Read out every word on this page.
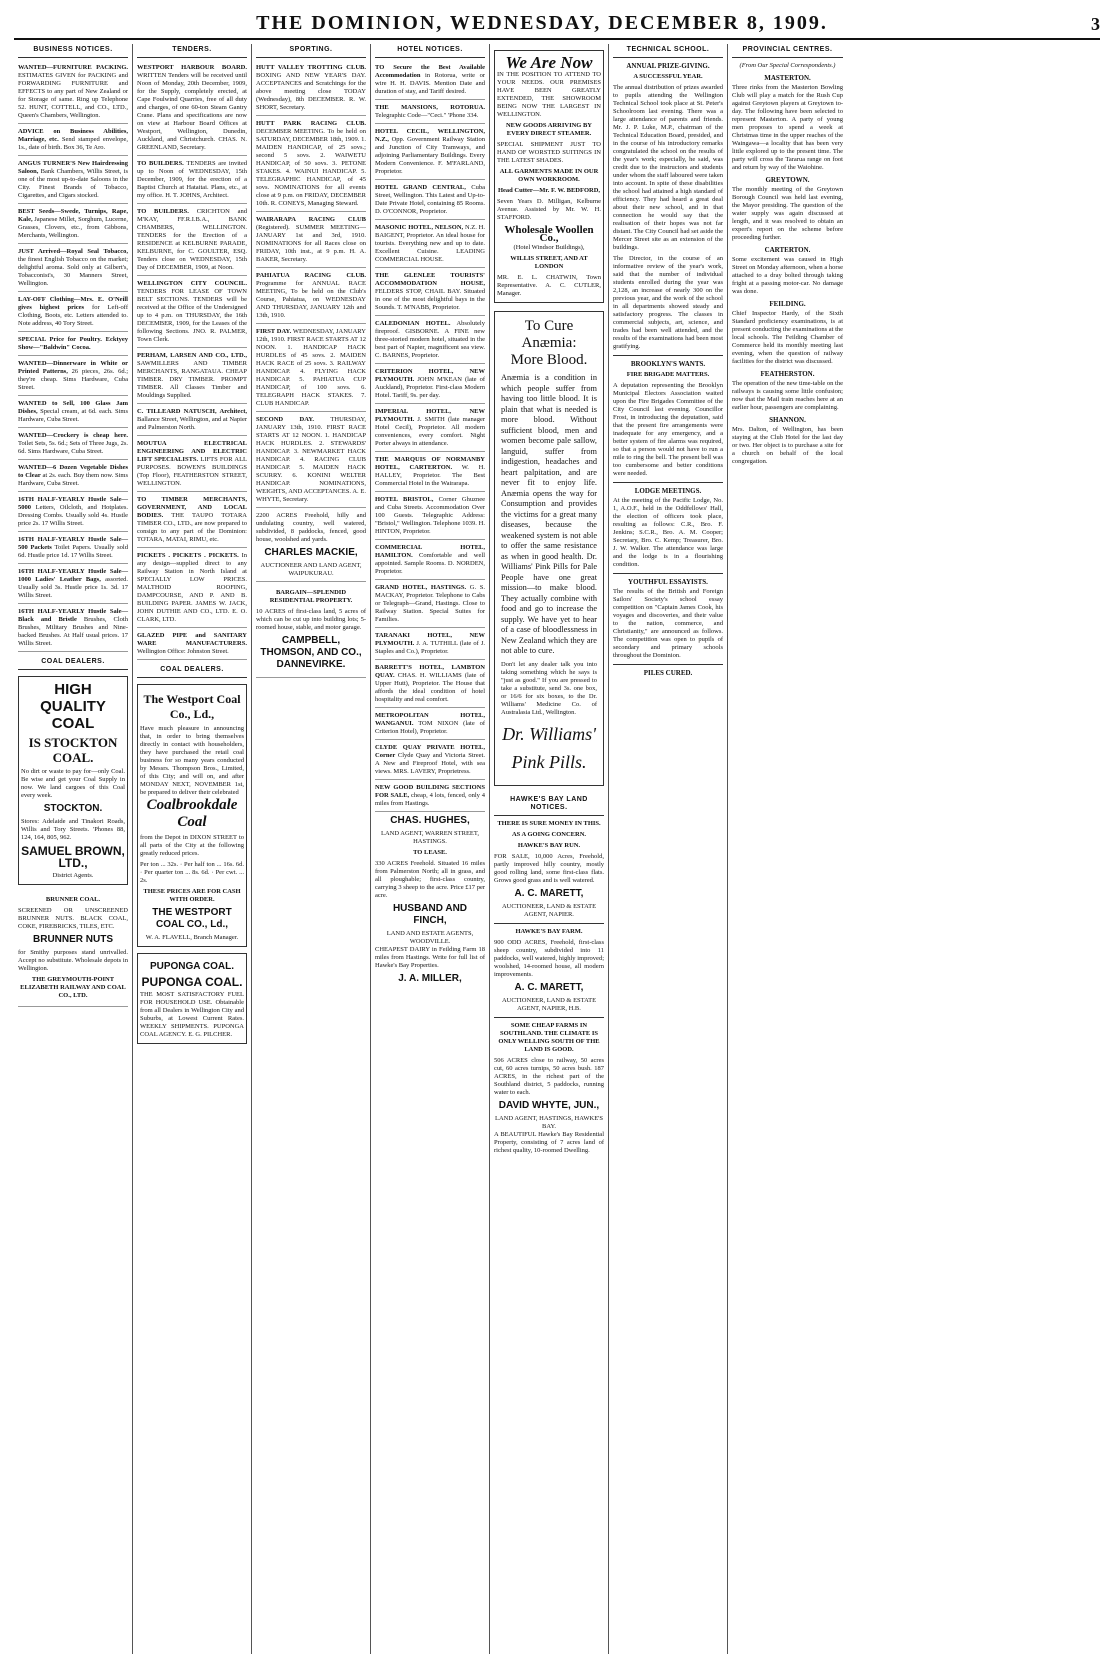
THE DOMINION, WEDNESDAY, DECEMBER 8, 1909.	3
BUSINESS NOTICES.
WANTED—FURNITURE PACKING. ESTIMATES GIVEN for PACKING and FORWARDING FURNITURE and EFFECTS to any part of New Zealand or for Storage of same. Ring up Telephone 52. HUNT, COTTELL, and CO., LTD., Queen's Chambers, Wellington.
ADVICE on Business Abilities, Marriage, etc. Send stamped envelope, 1s., date of birth. Box 36, Te Aro.
ANGUS TURNER'S New Hairdressing Saloon, Bank Chambers, Willis Street, is one of the most up-to-date Saloons in the City. Finest Brands of Tobacco, Cigarettes, and Cigars stocked.
BEST Seeds—Swede, Turnips, Rape, Kale, Japanese Millet, Sorghum, Lucerne, Grasses, Clovers, etc., from Gibbons, Merchants, Wellington.
JUST Arrived—Royal Seal Tobacco, the finest English Tobacco on the market; delightful aroma. Sold only at Gilbert's, Tobacconist's, 30 Manners Street, Wellington.
LAY-OFF Clothing—Mrs. E. O'Neill gives highest prices for Left-off Clothing, Boots, etc. Letters attended to. Note address, 40 Tory Street.
SPECIAL Price for Poultry. Ecktyey Show—"Baldwin" Cocoa.
WANTED—Dinnerware in White or Printed Patterns, 26 pieces, 26s. 6d.; they're cheap. Sims Hardware, Cuba Street.
WANTED to Sell, 100 Glass Jam Dishes, Special cream, at 6d. each. Sims Hardware, Cuba Street.
WANTED—Crockery is cheap here. Toilet Sets, 5s. 6d.; Sets of Three Jugs, 2s. 6d. Sims Hardware, Cuba Street.
WANTED—6 Dozen Vegetable Dishes to Clear at 2s. each. Buy them now. Sims Hardware, Cuba Street.
16TH HALF-YEARLY Hustle Sale—5000 Letters, Oilcloth, and Hotplates. Dressing Combs. Usually sold 4s. Hustle price 2s. 17 Willis Street.
16TH HALF-YEARLY Hustle Sale—500 Packets Toilet Papers. Usually sold 6d. Hustle price 1d. 17 Willis Street.
16TH HALF-YEARLY Hustle Sale—1000 Ladies' Leather Bags, assorted. Usually sold 3s. Hustle price 1s. 3d. 17 Willis Street.
16TH HALF-YEARLY Hustle Sale—Black and Bristle Brushes, Cloth Brushes, Military Brushes and Nine-backed Brushes. At Half usual prices. 17 Willis Street.
COAL DEALERS.
HIGH QUALITY COAL
IS STOCKTON COAL.
No dirt or waste to pay for—only Coal. Be wise and get your Coal Supply in now. We land cargoes of this Coal every week.
STOCKTON.
Stores: Adelaide and Tinakori Roads, Willis and Tory Streets. 'Phones 88, 124, 164, 805, 962.
SAMUEL BROWN, LTD.,
District Agents.
BRUNNER COAL.
SCREENED OR UNSCREENED BRUNNER NUTS. BLACK COAL, COKE, FIREBRICKS, TILES, ETC.
BRUNNER NUTS
for Smithy purposes stand unrivalled. Accept no substitute. Wholesale depots in Wellington.
THE GREYMOUTH-POINT ELIZABETH RAILWAY AND COAL CO., LTD.
TENDERS.
WESTPORT HARBOUR BOARD. WRITTEN Tenders will be received until Noon of Monday, 20th December, 1909, for the Supply, completely erected, at Cape Foulwind Quarries, free of all duty and charges, of one 60-ton Steam Gantry Crane. Plans and specifications are now on view at Harbour Board Offices at Westport, Wellington, Dunedin, Auckland, and Christchurch. CHAS. N. GREENLAND, Secretary.
TO BUILDERS. TENDERS are invited up to Noon of WEDNESDAY, 15th December, 1909, for the erection of a Baptist Church at Hataitai. Plans, etc., at my office. H. T. JOHNS, Architect.
TO BUILDERS. CRICHTON and M'KAY, FF.R.I.B.A., BANK CHAMBERS, WELLINGTON. TENDERS for the Erection of a RESIDENCE at KELBURNE PARADE, KELBURNE, for C. GOULTER, ESQ. Tenders close on WEDNESDAY, 15th Day of DECEMBER, 1909, at Noon.
WELLINGTON CITY COUNCIL. TENDERS FOR LEASE OF TOWN BELT SECTIONS. TENDERS will be received at the Office of the Undersigned up to 4 p.m. on THURSDAY, the 16th DECEMBER, 1909, for the Leases of the following Sections. JNO. R. PALMER, Town Clerk.
PERHAM, LARSEN AND CO., LTD., SAWMILLERS AND TIMBER MERCHANTS, RANGATAUA. CHEAP TIMBER. DRY TIMBER. PROMPT TIMBER. All Classes Timber and Mouldings Supplied.
C. TILLEARD NATUSCH, Architect, Ballance Street, Wellington, and at Napier and Palmerston North.
MOUTUA ELECTRICAL ENGINEERING AND ELECTRIC LIFT SPECIALISTS. LIFTS FOR ALL PURPOSES. BOWEN'S BUILDINGS (Top Floor), FEATHERSTON STREET, WELLINGTON.
TO TIMBER MERCHANTS, GOVERNMENT, AND LOCAL BODIES. THE TAUPO TOTARA TIMBER CO., LTD., are now prepared to consign to any part of the Dominion: TOTARA, MATAI, RIMU, etc.
PICKETS . PICKETS . PICKETS. In any design—supplied direct to any Railway Station in North Island at SPECIALLY LOW PRICES. MALTHOID ROOFING, DAMPCOURSE, AND P. AND B. BUILDING PAPER. JAMES W. JACK, JOHN DUTHIE AND CO., LTD. E. O. CLARK, LTD.
GLAZED PIPE and SANITARY WARE MANUFACTURERS. Wellington Office: Johnston Street.
COAL DEALERS.
The Westport Coal Co., Ld.,
Have much pleasure in announcing that, in order to bring themselves directly in contact with householders, they have purchased the retail coal business for so many years conducted by Messrs. Thompson Bros., Limited, of this City; and will on, and after MONDAY NEXT, NOVEMBER 1st, be prepared to deliver their celebrated
Coalbrookdale Coal
from the Depot in DIXON STREET to all parts of the City at the following greatly reduced prices.
Per ton ... 32s. · Per half ton ... 16s. 6d. · Per quarter ton ... 8s. 6d. · Per cwt. ... 2s.
THESE PRICES ARE FOR CASH WITH ORDER.
THE WESTPORT COAL CO., Ld.,
W. A. FLAVELL, Branch Manager.
PUPONGA COAL.
PUPONGA COAL.
THE MOST SATISFACTORY FUEL FOR HOUSEHOLD USE. Obtainable from all Dealers in Wellington City and Suburbs, at Lowest Current Rates. WEEKLY SHIPMENTS. PUPONGA COAL AGENCY. E. G. PILCHER.
SPORTING.
HUTT VALLEY TROTTING CLUB. BOXING AND NEW YEAR'S DAY. ACCEPTANCES and Scratchings for the above meeting close TODAY (Wednesday), 8th DECEMBER. R. W. SHORT, Secretary.
HUTT PARK RACING CLUB. DECEMBER MEETING. To be held on SATURDAY, DECEMBER 18th, 1909. 1. MAIDEN HANDICAP, of 25 sovs.; second 5 sovs. 2. WAIWETU HANDICAP, of 50 sovs. 3. PETONE STAKES. 4. WAINUI HANDICAP. 5. TELEGRAPHIC HANDICAP, of 45 sovs. NOMINATIONS for all events close at 9 p.m. on FRIDAY, DECEMBER 10th. R. CONEYS, Managing Steward.
WAIRARAPA RACING CLUB (Registered). SUMMER MEETING—JANUARY 1st and 3rd, 1910. NOMINATIONS for all Races close on FRIDAY, 10th inst., at 9 p.m. H. A. BAKER, Secretary.
PAHIATUA RACING CLUB. Programme for ANNUAL RACE MEETING, To be held on the Club's Course, Pahiatua, on WEDNESDAY AND THURSDAY, JANUARY 12th and 13th, 1910.
FIRST DAY. WEDNESDAY, JANUARY 12th, 1910. FIRST RACE STARTS AT 12 NOON. 1. HANDICAP HACK HURDLES of 45 sovs. 2. MAIDEN HACK RACE of 25 sovs. 3. RAILWAY HANDICAP. 4. FLYING HACK HANDICAP. 5. PAHIATUA CUP HANDICAP, of 100 sovs. 6. TELEGRAPH HACK STAKES. 7. CLUB HANDICAP.
SECOND DAY.	THURSDAY, JANUARY 13th, 1910. FIRST RACE STARTS AT 12 NOON. 1. HANDICAP HACK HURDLES. 2. STEWARDS' HANDICAP. 3. NEWMARKET HACK HANDICAP. 4. RACING CLUB HANDICAP. 5. MAIDEN HACK SCURRY. 6. KONINI WELTER HANDICAP. NOMINATIONS, WEIGHTS, AND ACCEPTANCES. A. E. WHYTE, Secretary.
2200 ACRES Freehold, hilly and undulating country, well watered, subdivided, 8 paddocks, fenced, good house, woolshed and yards.
CHARLES MACKIE,
AUCTIONEER AND LAND AGENT, WAIPUKURAU.
BARGAIN—SPLENDID RESIDENTIAL PROPERTY.
10 ACRES of first-class land, 5 acres of which can be cut up into building lots; 5-roomed house, stable, and motor garage.
CAMPBELL, THOMSON, AND CO., DANNEVIRKE.
HOTEL NOTICES.
TO Secure the Best Available Accommodation in Rotorua, write or wire H. H. DAVIS. Mention Date and duration of stay, and Tariff desired.
THE MANSIONS, ROTORUA. Telegraphic Code—"Ceci." 'Phone 334.
HOTEL CECIL, WELLINGTON, N.Z., Opp. Government Railway Station and Junction of City Tramways, and adjoining Parliamentary Buildings. Every Modern Convenience. F. M'FARLAND, Proprietor.
HOTEL GRAND CENTRAL, Cuba Street, Wellington. This Latest and Up-to-Date Private Hotel, containing 85 Rooms. D. O'CONNOR, Proprietor.
MASONIC HOTEL, NELSON, N.Z. H. BAIGENT, Proprietor. An ideal house for tourists. Everything new and up to date. Excellent Cuisine. LEADING COMMERCIAL HOUSE.
THE GLENLEE TOURISTS' ACCOMMODATION HOUSE, FELDERS STOP, CHAIL BAY. Situated in one of the most delightful bays in the Sounds. T. M'NABB, Proprietor.
CALEDONIAN HOTEL. Absolutely fireproof. GISBORNE. A FINE new three-storied modern hotel, situated in the best part of Napier, magnificent sea view. C. BARNES, Proprietor.
CRITERION HOTEL, NEW PLYMOUTH. JOHN M'KEAN (late of Auckland), Proprietor. First-class Modern Hotel. Tariff, 9s. per day.
IMPERIAL HOTEL, NEW PLYMOUTH. J. SMITH (late manager Hotel Cecil), Proprietor. All modern conveniences, every comfort. Night Porter always in attendance.
THE MARQUIS OF NORMANBY HOTEL, CARTERTON. W. H. HALLEY, Proprietor. The Best Commercial Hotel in the Wairarapa.
HOTEL BRISTOL, Corner Ghuznee and Cuba Streets. Accommodation Over 100 Guests. Telegraphic Address: "Bristol," Wellington. Telephone 1039. H. HINTON, Proprietor.
COMMERCIAL HOTEL, HAMILTON. Comfortable and well appointed. Sample Rooms. D. NORDEN, Proprietor.
GRAND HOTEL, HASTINGS. G. S. MACKAY, Proprietor. Telephone to Cabs or Telegraph—Grand, Hastings. Close to Railway Station. Special Suites for Families.
TARANAKI HOTEL, NEW PLYMOUTH. J. A. TUTHILL (late of J. Staples and Co.), Proprietor.
BARRETT'S HOTEL, LAMBTON QUAY. CHAS. H. WILLIAMS (late of Upper Hutt), Proprietor. The House that affords the ideal condition of hotel hospitality and real comfort.
METROPOLITAN HOTEL, WANGANUI. TOM NIXON (late of Criterion Hotel), Proprietor.
CLYDE QUAY PRIVATE HOTEL, Corner Clyde Quay and Victoria Street. A New and Fireproof Hotel, with sea views. MRS. LAVERY, Proprietress.
NEW GOOD BUILDING SECTIONS FOR SALE, cheap, 4 lots, fenced, only 4 miles from Hastings.
CHAS. HUGHES,
LAND AGENT, WARREN STREET, HASTINGS.
TO LEASE.
330 ACRES Freehold. Situated 16 miles from Palmerston North; all in grass, and all ploughable; first-class country, carrying 3 sheep to the acre. Price £17 per acre.
HUSBAND AND FINCH,
LAND AND ESTATE AGENTS, WOODVILLE.
CHEAPEST DAIRY in Feilding Farm 18 miles from Hastings. Write for full list of Hawke's Bay Properties.
J. A. MILLER,
We Are Now
IN THE POSITION TO ATTEND TO YOUR NEEDS. OUR PREMISES HAVE BEEN GREATLY EXTENDED, THE SHOWROOM BEING NOW THE LARGEST IN WELLINGTON.
NEW GOODS ARRIVING BY EVERY DIRECT STEAMER.
SPECIAL SHIPMENT JUST TO HAND OF WORSTED SUITINGS IN THE LATEST SHADES.
ALL GARMENTS MADE IN OUR OWN WORKROOM.
Head Cutter—Mr. F. W. BEDFORD,
Seven Years D. Milligan, Kelburne Avenue. Assisted by Mr. W. H. STAFFORD.
Wholesale Woollen Co.,
(Hotel Windsor Buildings),
WILLIS STREET, AND AT LONDON
MR. E. L. CHATWIN, Town Representative. A. C. CUTLER, Manager.
To Cure Anæmia:
More Blood.
Anæmia is a condition in which people suffer from having too little blood. It is plain that what is needed is more blood. Without sufficient blood, men and women become pale sallow, languid, suffer from indigestion, headaches and heart palpitation, and are never fit to enjoy life. Anæmia opens the way for Consumption and provides the victims for a great many diseases, because the weakened system is not able to offer the same resistance as when in good health. Dr. Williams' Pink Pills for Pale People have one great mission—to make blood. They actually combine with food and go to increase the supply. We have yet to hear of a case of bloodlessness in New Zealand which they are not able to cure.
Don't let any dealer talk you into taking something which he says is "just as good." If you are pressed to take a substitute, send 3s. one box, or 16/6 for six boxes, to the Dr. Williams' Medicine Co. of Australasia Ltd., Wellington.
Dr. Williams'
Pink Pills.
HAWKE'S BAY LAND NOTICES.
THERE IS SURE MONEY IN THIS.
AS A GOING CONCERN.
HAWKE'S BAY RUN.
FOR SALE, 10,000 Acres, Freehold, partly improved hilly country, mostly good rolling land, some first-class flats. Grows good grass and is well watered.
A. C. MARETT,
AUCTIONEER, LAND & ESTATE AGENT, NAPIER.
HAWKE'S BAY FARM.
900 ODD ACRES, Freehold, first-class sheep country, subdivided into 11 paddocks, well watered, highly improved; woolshed, 14-roomed house, all modern improvements.
A. C. MARETT,
AUCTIONEER, LAND & ESTATE AGENT, NAPIER, H.B.
SOME CHEAP FARMS IN SOUTHLAND. THE CLIMATE IS ONLY WELLING SOUTH OF THE LAND IS GOOD.
506 ACRES close to railway, 50 acres cut, 60 acres turnips, 50 acres bush. 187 ACRES, in the richest part of the Southland district, 5 paddocks, running water to each.
DAVID WHYTE, JUN.,
LAND AGENT, HASTINGS, HAWKE'S BAY.
A BEAUTIFUL Hawke's Bay Residential Property, consisting of 7 acres land of richest quality, 10-roomed Dwelling.
TECHNICAL SCHOOL.
ANNUAL PRIZE-GIVING.
A SUCCESSFUL YEAR.

The annual distribution of prizes awarded to pupils attending the Wellington Technical School took place at St. Peter's Schoolroom last evening. There was a large attendance of parents and friends. Mr. J. P. Luke, M.P., chairman of the Technical Education Board, presided, and in the course of his introductory remarks congratulated the school on the results of the year's work; especially, he said, was credit due to the instructors and students under whom the staff laboured were taken into account. In spite of these disabilities the school had attained a high standard of efficiency. They had heard a great deal about their new school, and in that connection he would say that the realisation of their hopes was not far distant. The City Council had set aside the Mercer Street site as an extension of the buildings.

The Director, in the course of an informative review of the year's work, said that the number of individual students enrolled during the year was 2,128, an increase of nearly 300 on the previous year, and the work of the school in all departments showed steady and satisfactory progress. The classes in commercial subjects, art, science, and trades had been well attended, and the results of the examinations had been most gratifying.

BROOKLYN'S WANTS.
FIRE BRIGADE MATTERS.

A deputation representing the Brooklyn Municipal Electors Association waited upon the Fire Brigades Committee of the City Council last evening. Councillor Frost, in introducing the deputation, said that the present fire arrangements were inadequate for any emergency, and a better system of fire alarms was required, so that a person would not have to run a mile to ring the bell. The present bell was too cumbersome and better conditions were needed.

LODGE MEETINGS.

At the meeting of the Pacific Lodge, No. 1, A.O.F., held in the Oddfellows' Hall, the election of officers took place, resulting as follows: C.R., Bro. F. Jenkins; S.C.R., Bro. A. M. Cooper; Secretary, Bro. C. Kemp; Treasurer, Bro. J. W. Walker. The attendance was large and the lodge is in a flourishing condition.

YOUTHFUL ESSAYISTS.

The results of the British and Foreign Sailors' Society's school essay competition on "Captain James Cook, his voyages and discoveries, and their value to the nation, commerce, and Christianity," are announced as follows. The competition was open to pupils of secondary and primary schools throughout the Dominion.

PILES CURED.
PROVINCIAL CENTRES.
(From Our Special Correspondents.)
MASTERTON.

Three rinks from the Masterton Bowling Club will play a match for the Rush Cup against Greytown players at Greytown to-day. The following have been selected to represent Masterton. A party of young men proposes to spend a week at Christmas time in the upper reaches of the Waingawa—a locality that has been very little explored up to the present time. The party will cross the Tararua range on foot and return by way of the Waiohine.

GREYTOWN.

The monthly meeting of the Greytown Borough Council was held last evening, the Mayor presiding. The question of the water supply was again discussed at length, and it was resolved to obtain an expert's report on the scheme before proceeding further.

CARTERTON.

Some excitement was caused in High Street on Monday afternoon, when a horse attached to a dray bolted through taking fright at a passing motor-car. No damage was done.

FEILDING.

Chief Inspector Hardy, of the Sixth Standard proficiency examinations, is at present conducting the examinations at the local schools. The Feilding Chamber of Commerce held its monthly meeting last evening, when the question of railway facilities for the district was discussed.

FEATHERSTON.

The operation of the new time-table on the railways is causing some little confusion; now that the Mail train reaches here at an earlier hour, passengers are complaining.

SHANNON.

Mrs. Dalton, of Wellington, has been staying at the Club Hotel for the last day or two. Her object is to purchase a site for a church on behalf of the local congregation.
